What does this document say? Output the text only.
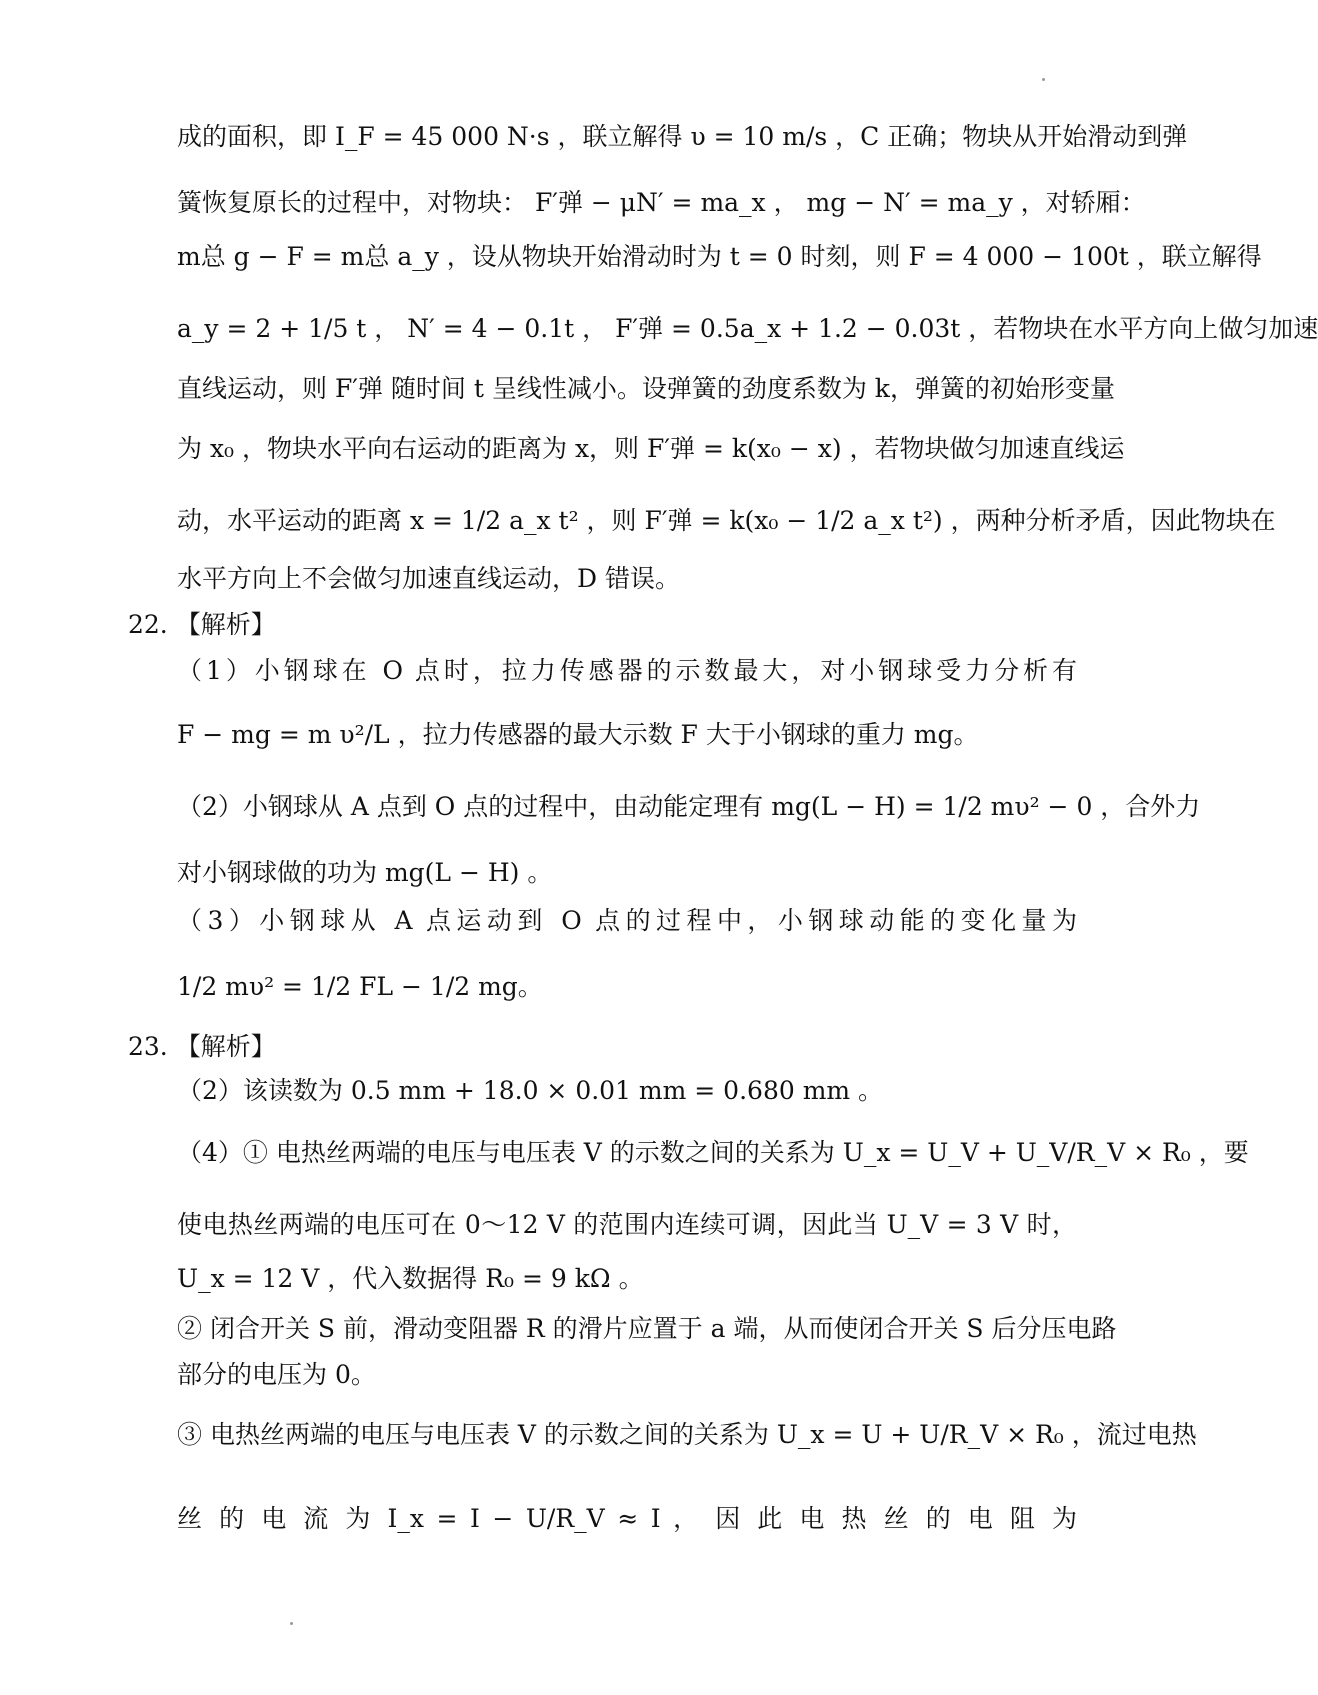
成的面积，即 I_F = 45 000 N·s ，联立解得 υ = 10 m/s ，C 正确；物块从开始滑动到弹
簧恢复原长的过程中，对物块： F′弹 − μN′ = ma_x ， mg − N′ = ma_y ，对轿厢：
m总 g − F = m总 a_y ，设从物块开始滑动时为 t = 0 时刻，则 F = 4 000 − 100t ，联立解得
a_y = 2 + 1/5 t ， N′ = 4 − 0.1t ， F′弹 = 0.5a_x + 1.2 − 0.03t ，若物块在水平方向上做匀加速
直线运动，则 F′弹 随时间 t 呈线性减小。设弹簧的劲度系数为 k，弹簧的初始形变量
为 x₀ ，物块水平向右运动的距离为 x，则 F′弹 = k(x₀ − x) ，若物块做匀加速直线运
动，水平运动的距离 x = 1/2 a_x t² ，则 F′弹 = k(x₀ − 1/2 a_x t²) ，两种分析矛盾，因此物块在
水平方向上不会做匀加速直线运动，D 错误。
22. 【解析】
（1）小钢球在 O 点时，拉力传感器的示数最大，对小钢球受力分析有
F − mg = m υ²/L ，拉力传感器的最大示数 F 大于小钢球的重力 mg。
（2）小钢球从 A 点到 O 点的过程中，由动能定理有 mg(L − H) = 1/2 mυ² − 0 ，合外力
对小钢球做的功为 mg(L − H) 。
（3）小钢球从 A 点运动到 O 点的过程中，小钢球动能的变化量为
1/2 mυ² = 1/2 FL − 1/2 mg。
23. 【解析】
（2）该读数为 0.5 mm + 18.0 × 0.01 mm = 0.680 mm 。
（4）① 电热丝两端的电压与电压表 V 的示数之间的关系为 U_x = U_V + U_V/R_V × R₀ ，要
使电热丝两端的电压可在 0～12 V 的范围内连续可调，因此当 U_V = 3 V 时，
U_x = 12 V ，代入数据得 R₀ = 9 kΩ 。
② 闭合开关 S 前，滑动变阻器 R 的滑片应置于 a 端，从而使闭合开关 S 后分压电路
部分的电压为 0。
③ 电热丝两端的电压与电压表 V 的示数之间的关系为 U_x = U + U/R_V × R₀ ，流过电热
丝 的 电 流 为 I_x = I − U/R_V ≈ I ， 因 此 电 热 丝 的 电 阻 为
